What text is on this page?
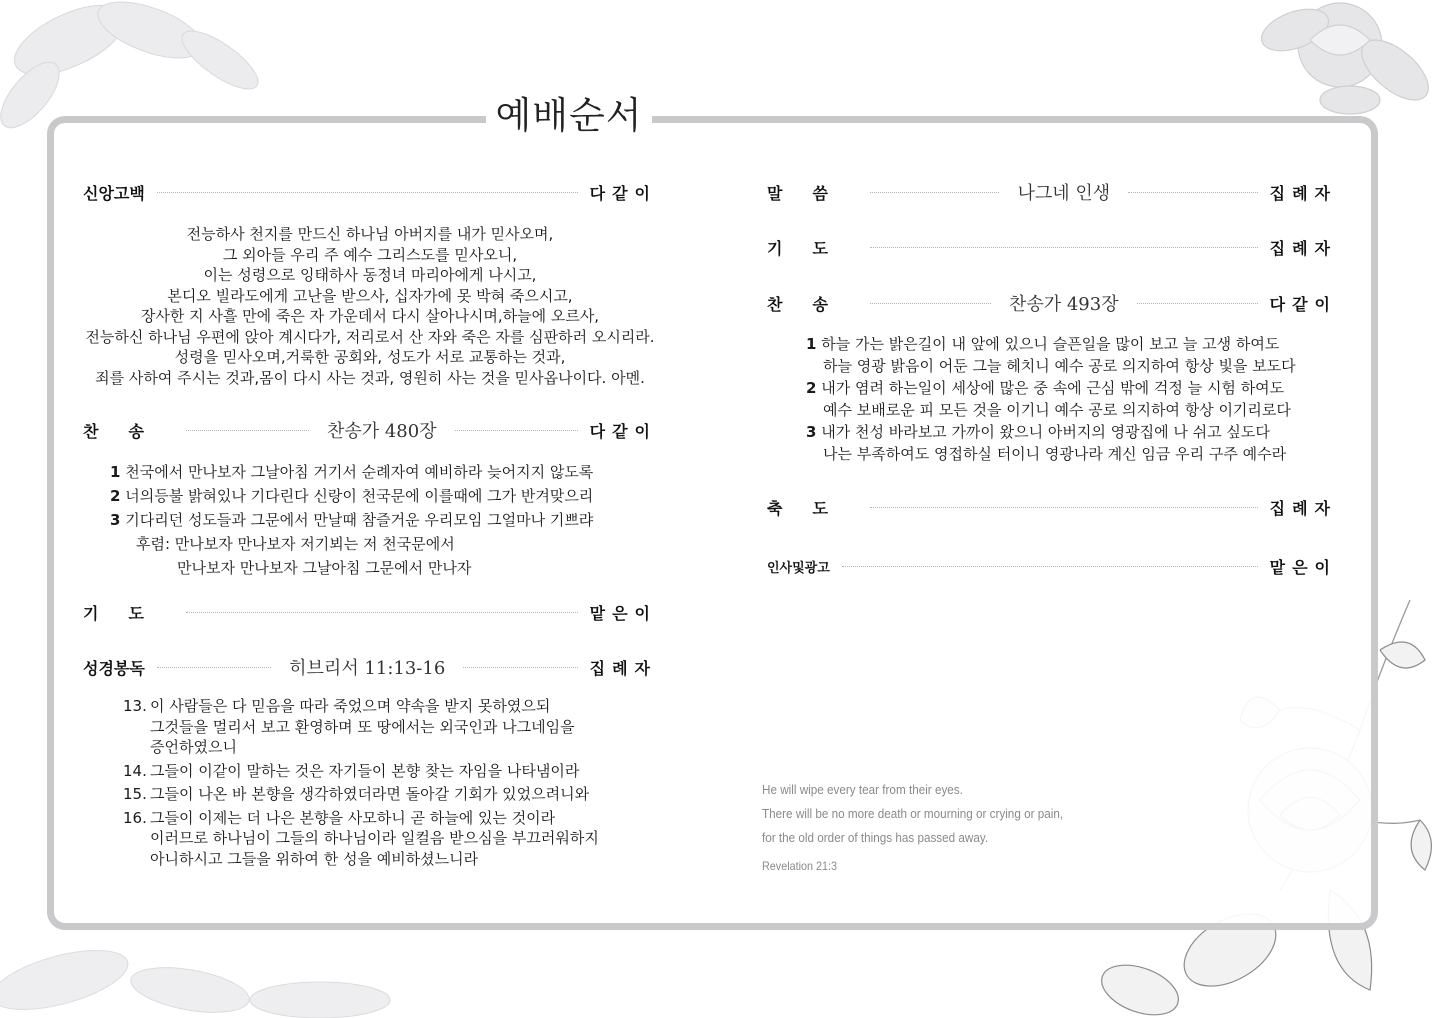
예배순서
신앙고백	다같이
전능하사 천지를 만드신 하나님 아버지를 내가 믿사오며,
그 외아들 우리 주 예수 그리스도를 믿사오니,
이는 성령으로 잉태하사 동정녀 마리아에게 나시고,
본디오 빌라도에게 고난을 받으사, 십자가에 못 박혀 죽으시고,
장사한 지 사흘 만에 죽은 자 가운데서 다시 살아나시며,하늘에 오르사,
전능하신 하나님 우편에 앉아 계시다가, 저리로서 산 자와 죽은 자를 심판하러 오시리라.
성령을 믿사오며,거룩한 공회와, 성도가 서로 교통하는 것과,
죄를 사하여 주시는 것과,몸이 다시 사는 것과, 영원히 사는 것을 믿사옵나이다. 아멘.
찬송	찬송가 480장	다같이
1 천국에서 만나보자 그날아침 거기서 순례자여 예비하라 늦어지지 않도록
2 너의등불 밝혀있나 기다린다 신랑이 천국문에 이를때에 그가 반겨맞으리
3 기다리던 성도들과 그문에서 만날때 참즐거운 우리모임 그얼마나 기쁘랴
후렴: 만나보자 만나보자 저기뵈는 저 천국문에서
만나보자 만나보자 그날아침 그문에서 만나자
기도	맡은이
성경봉독	히브리서 11:13-16	집례자
13. 이 사람들은 다 믿음을 따라 죽었으며 약속을 받지 못하였으되
그것들을 멀리서 보고 환영하며 또 땅에서는 외국인과 나그네임을
증언하였으니
14. 그들이 이같이 말하는 것은 자기들이 본향 찾는 자임을 나타냄이라
15. 그들이 나온 바 본향을 생각하였더라면 돌아갈 기회가 있었으려니와
16. 그들이 이제는 더 나은 본향을 사모하니 곧 하늘에 있는 것이라
이러므로 하나님이 그들의 하나님이라 일컬음 받으심을 부끄러워하지
아니하시고 그들을 위하여 한 성을 예비하셨느니라
말씀	나그네 인생	집례자
기도	집례자
찬송	찬송가 493장	다같이
1 하늘 가는 밝은길이 내 앞에 있으니 슬픈일을 많이 보고 늘 고생 하여도
하늘 영광 밝음이 어둔 그늘 헤치니 예수 공로 의지하여 항상 빛을 보도다
2 내가 염려 하는일이 세상에 많은 중 속에 근심 밖에 걱정 늘 시험 하여도
예수 보배로운 피 모든 것을 이기니 예수 공로 의지하여 항상 이기리로다
3 내가 천성 바라보고 가까이 왔으니 아버지의 영광집에 나 쉬고 싶도다
나는 부족하여도 영접하실 터이니 영광나라 계신 임금 우리 구주 예수라
축도	집례자
인사및광고	맡은이
He will wipe every tear from their eyes.
There will be no more death or mourning or crying or pain,
for the old order of things has passed away.
Revelation 21:3
